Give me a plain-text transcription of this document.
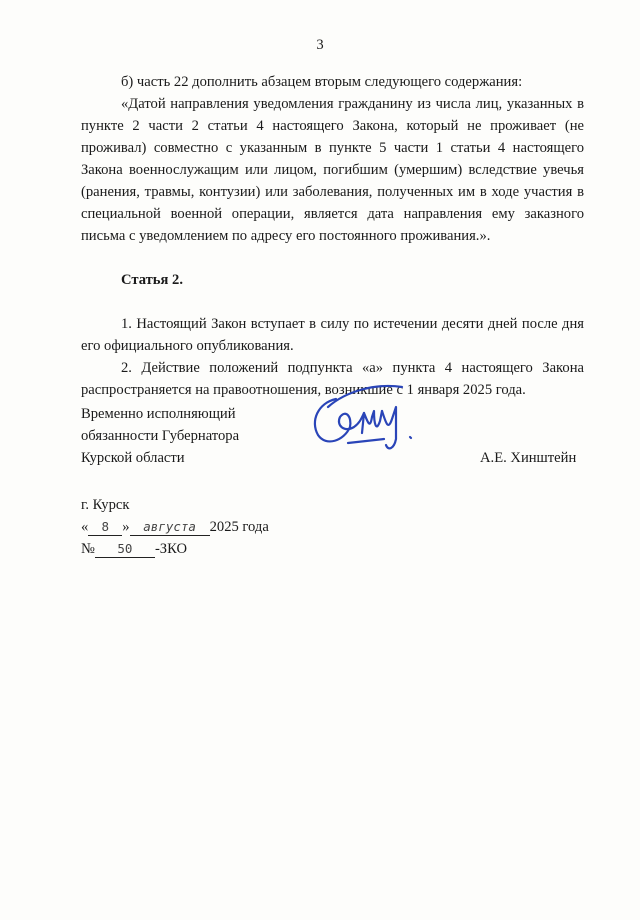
3

б) часть 22 дополнить абзацем вторым следующего содержания:

«Датой направления уведомления гражданину из числа лиц, указанных в пункте 2 части 2 статьи 4 настоящего Закона, который не проживает (не проживал) совместно с указанным в пункте 5 части 1 статьи 4 настоящего Закона военнослужащим или лицом, погибшим (умершим) вследствие увечья (ранения, травмы, контузии) или заболевания, полученных им в ходе участия в специальной военной операции, является дата направления ему заказного письма с уведомлением по адресу его постоянного проживания.».

Статья 2.

1. Настоящий Закон вступает в силу по истечении десяти дней после дня его официального опубликования.

2. Действие положений подпункта «а» пункта 4 настоящего Закона распространяется на правоотношения, возникшие с 1 января 2025 года.

Временно исполняющий
обязанности Губернатора
Курской области	А.Е. Хинштейн
г. Курск
« 8 » августа 2025 года
№ 50 -ЗКО
